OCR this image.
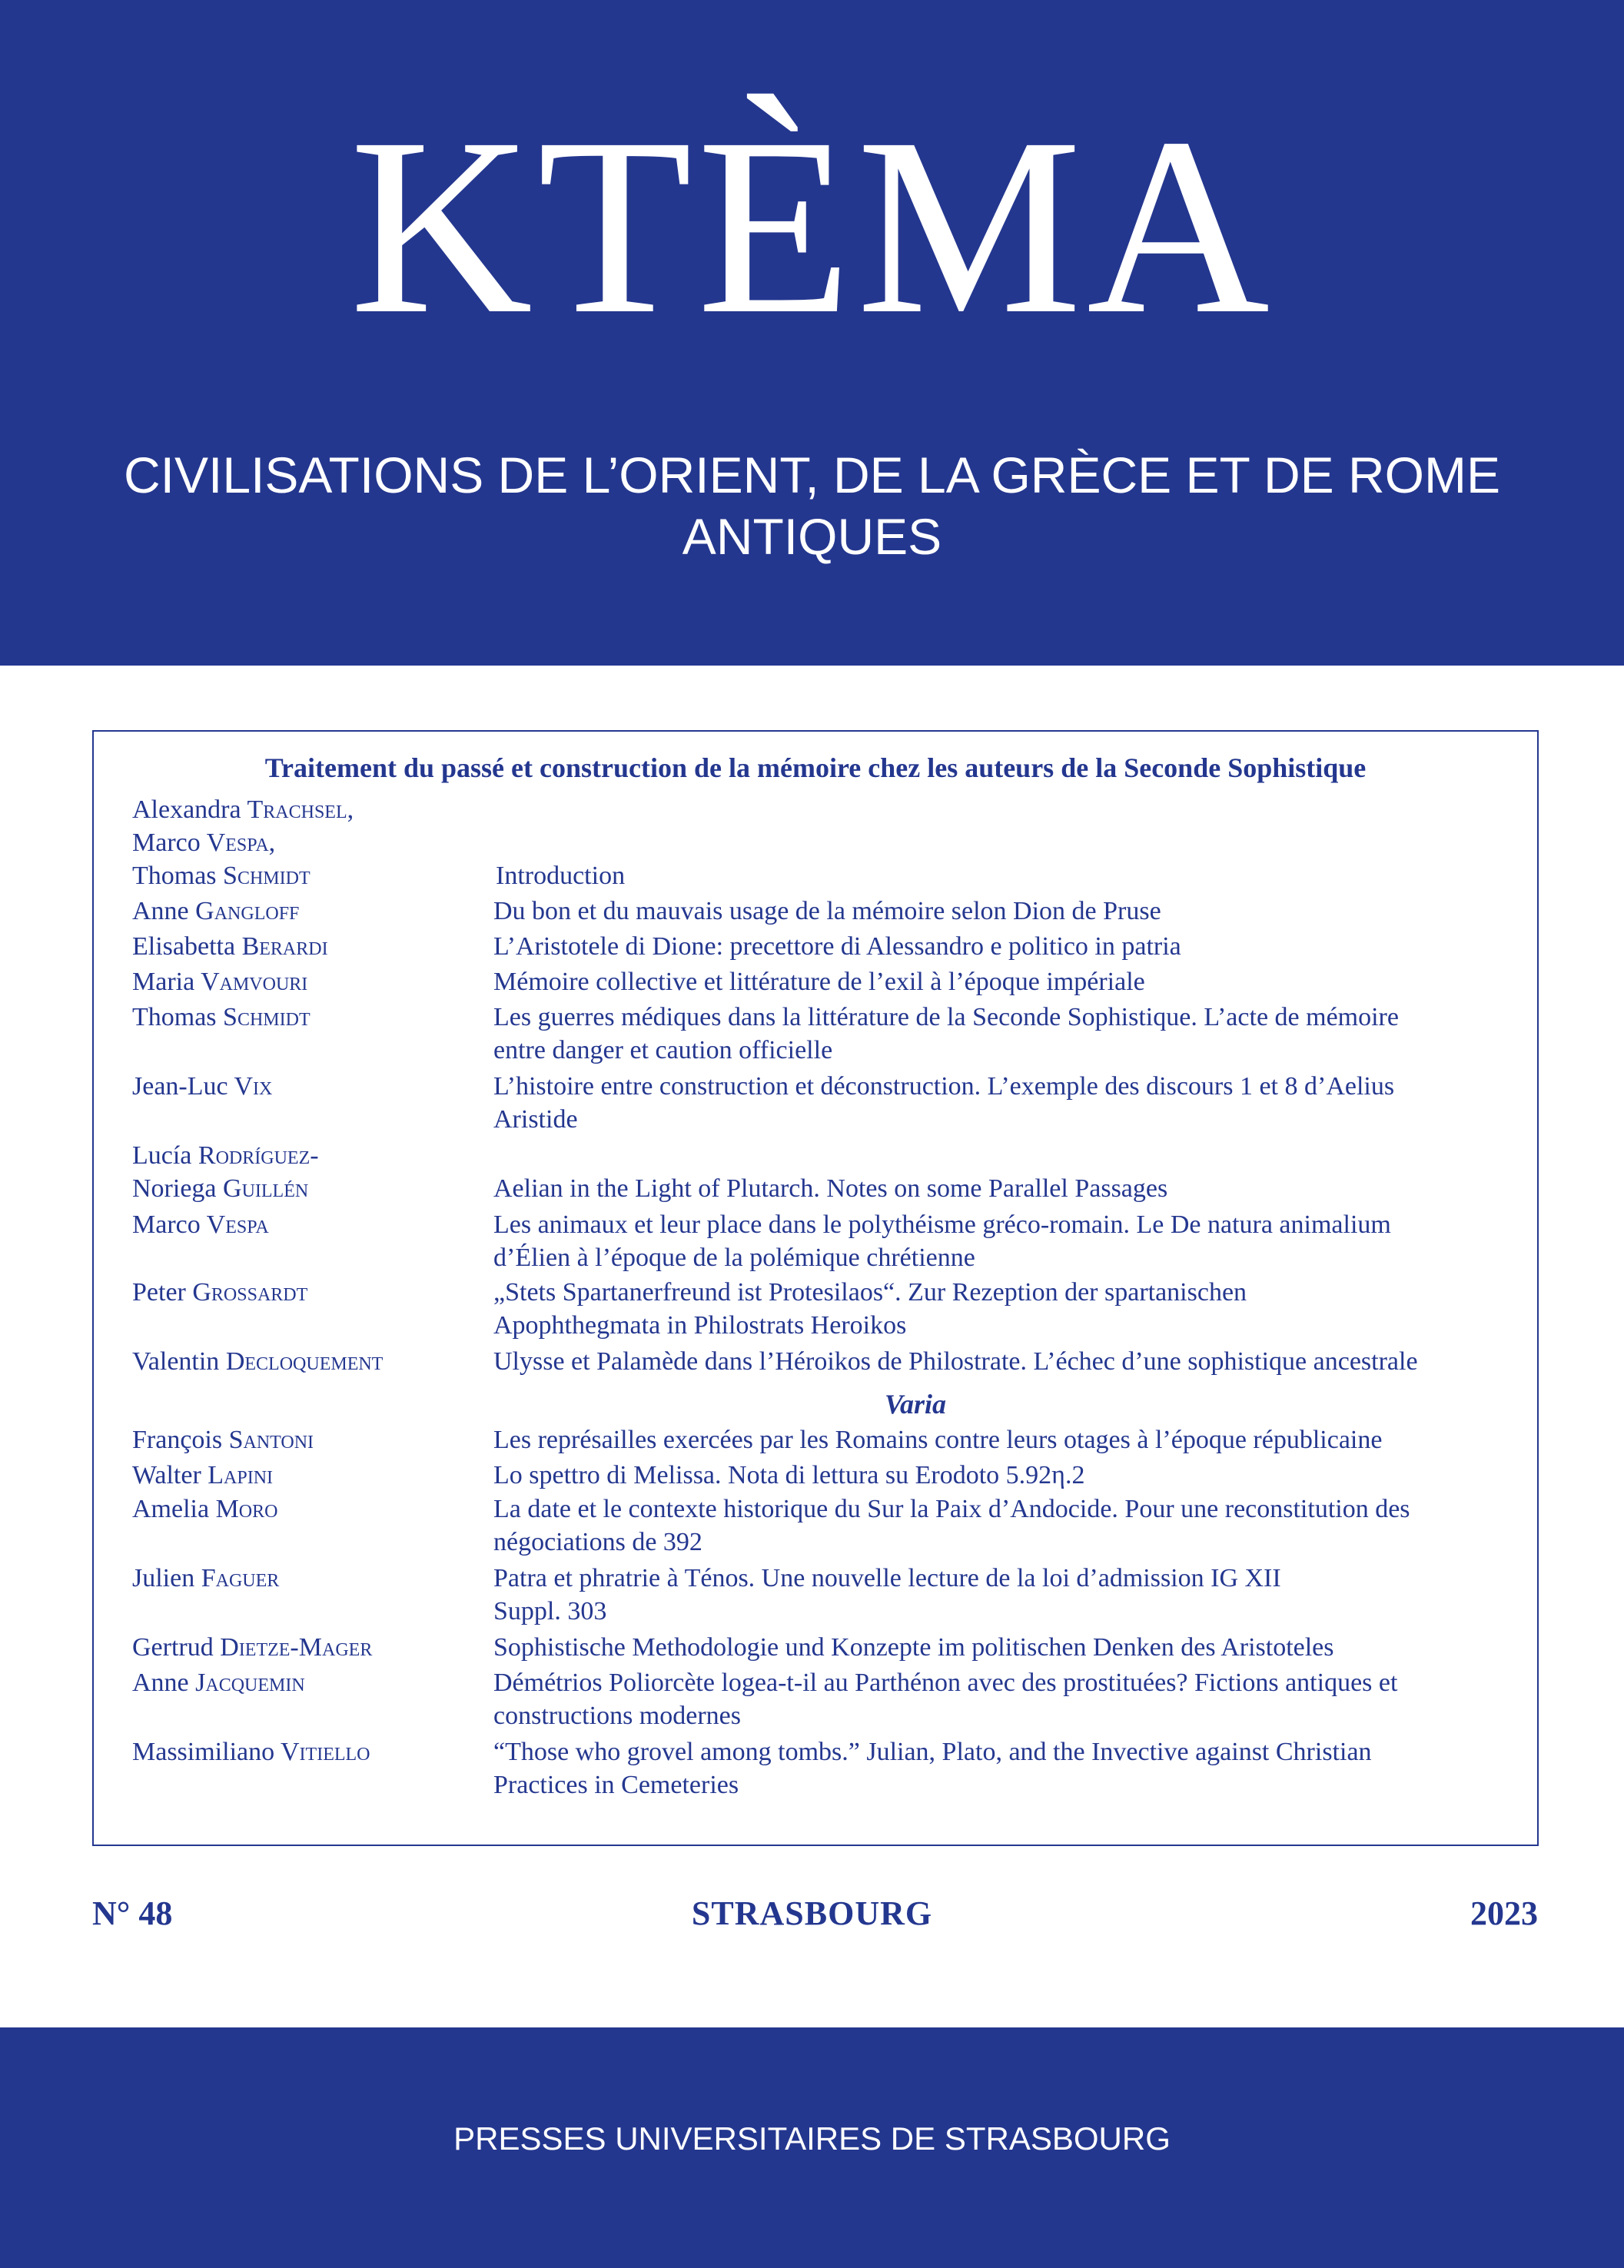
KTÈMA
CIVILISATIONS DE L’ORIENT, DE LA GRÈCE ET DE ROME ANTIQUES
Traitement du passé et construction de la mémoire chez les auteurs de la Seconde Sophistique
Alexandra Trachsel,
Marco Vespa,
Thomas Schmidt	Introduction
Anne Gangloff	Du bon et du mauvais usage de la mémoire selon Dion de Pruse
Elisabetta Berardi	L’Aristotele di Dione: precettore di Alessandro e politico in patria
Maria Vamvouri	Mémoire collective et littérature de l’exil à l’époque impériale
Thomas Schmidt	Les guerres médiques dans la littérature de la Seconde Sophistique. L’acte de mémoire entre danger et caution officielle
Jean-Luc Vix	L’histoire entre construction et déconstruction. L’exemple des discours 1 et 8 d’Aelius Aristide
Lucía Rodríguez-
Noriega Guillén	Aelian in the Light of Plutarch. Notes on some Parallel Passages
Marco Vespa	Les animaux et leur place dans le polythéisme gréco-romain. Le De natura animalium d’Élien à l’époque de la polémique chrétienne
Peter Grossardt	„Stets Spartanerfreund ist Protesilaos“. Zur Rezeption der spartanischen Apophthegmata in Philostrats Heroikos
Valentin Decloquement	Ulysse et Palamède dans l’Héroikos de Philostrate. L’échec d’une sophistique ancestrale
Varia
François Santoni	Les représailles exercées par les Romains contre leurs otages à l’époque républicaine
Walter Lapini	Lo spettro di Melissa. Nota di lettura su Erodoto 5.92η.2
Amelia Moro	La date et le contexte historique du Sur la Paix d’Andocide. Pour une reconstitution des négociations de 392
Julien Faguer	Patra et phratrie à Ténos. Une nouvelle lecture de la loi d’admission IG XII Suppl. 303
Gertrud Dietze-Mager	Sophistische Methodologie und Konzepte im politischen Denken des Aristoteles
Anne Jacquemin	Démétrios Poliorcète logea-t-il au Parthénon avec des prostituées? Fictions antiques et constructions modernes
Massimiliano Vitiello	“Those who grovel among tombs.” Julian, Plato, and the Invective against Christian Practices in Cemeteries
N° 48	STRASBOURG	2023
PRESSES UNIVERSITAIRES DE STRASBOURG
